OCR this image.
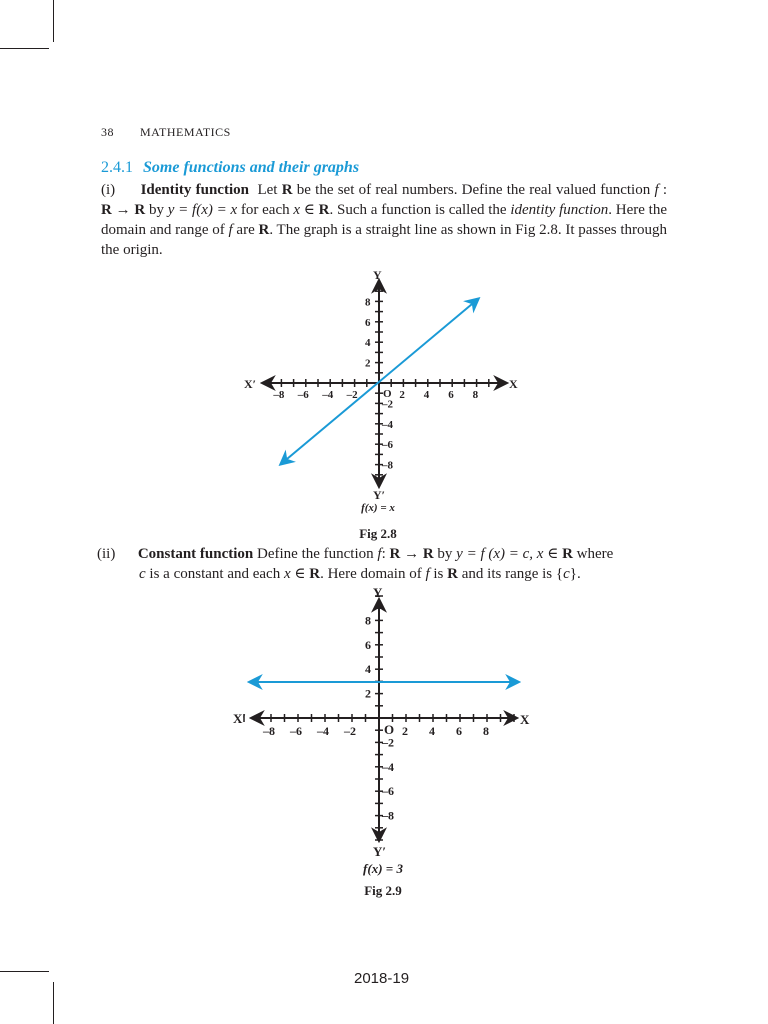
38 MATHEMATICS
2.4.1 Some functions and their graphs
(i) Identity function Let R be the set of real numbers. Define the real valued function f : R → R by y = f(x) = x for each x ∈ R. Such a function is called the identity function. Here the domain and range of f are R. The graph is a straight line as shown in Fig 2.8. It passes through the origin.
2
2
4
4
6
6
8
8
–2
–2
–4
–4
–6
–6
–8
–8
Y
Y′
X
X′
O
f(x) = x
Fig 2.8
(ii) Constant function Define the function f: R → R by y = f (x) = c, x ∈ R where
c is a constant and each x ∈ R. Here domain of f is R and its range is {c}.
2
2
4
4
6
6
8
8
–2
–2
–4
–4
–6
–6
–8
–8
Y
Y′
X
X′
O
f(x) = 3
Fig 2.9
2018-19
